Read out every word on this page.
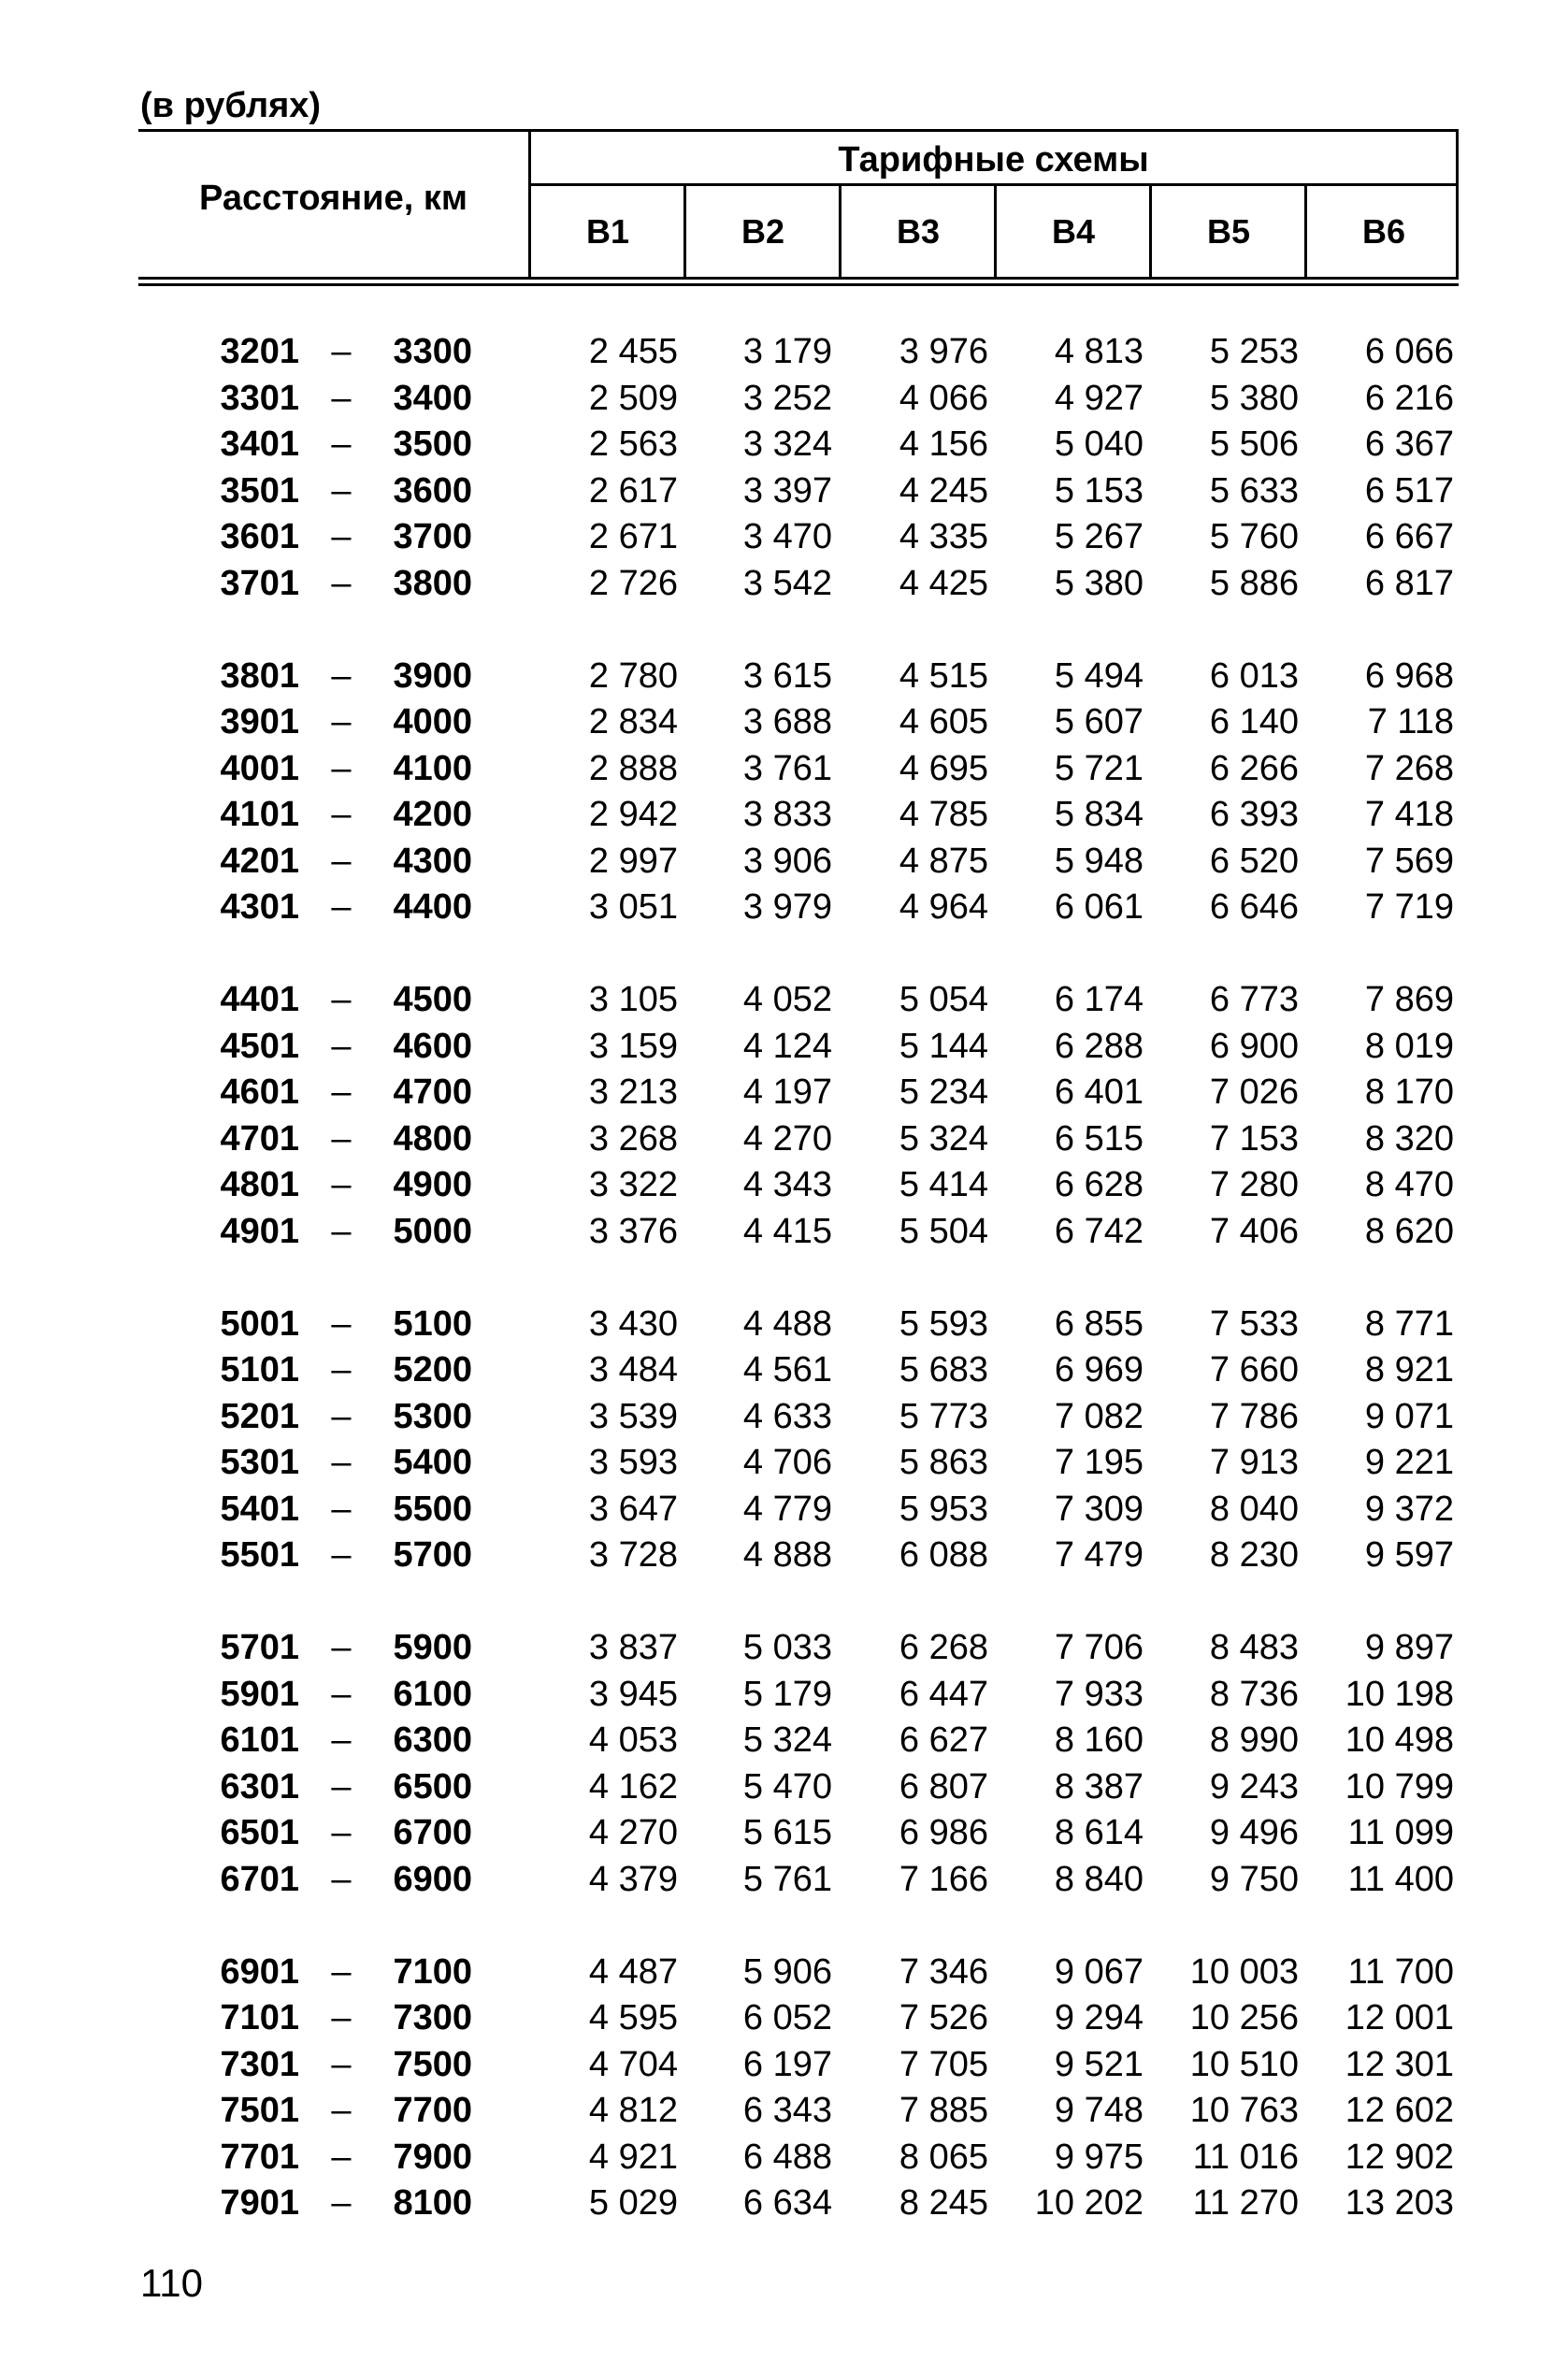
(в рублях)
Расстояние, км
Тарифные схемы
В1	В2	В3	В4	В5	В6
3201 –	3300	2 455	3 179	3 976	4 813	5 253	6 066
3301 –	3400	2 509	3 252	4 066	4 927	5 380	6 216
3401 –	3500	2 563	3 324	4 156	5 040	5 506	6 367
3501 –	3600	2 617	3 397	4 245	5 153	5 633	6 517
3601 –	3700	2 671	3 470	4 335	5 267	5 760	6 667
3701 –	3800	2 726	3 542	4 425	5 380	5 886	6 817
3801 –	3900	2 780	3 615	4 515	5 494	6 013	6 968
3901 –	4000	2 834	3 688	4 605	5 607	6 140	7 118
4001 –	4100	2 888	3 761	4 695	5 721	6 266	7 268
4101 –	4200	2 942	3 833	4 785	5 834	6 393	7 418
4201 –	4300	2 997	3 906	4 875	5 948	6 520	7 569
4301 –	4400	3 051	3 979	4 964	6 061	6 646	7 719
4401 –	4500	3 105	4 052	5 054	6 174	6 773	7 869
4501 –	4600	3 159	4 124	5 144	6 288	6 900	8 019
4601 –	4700	3 213	4 197	5 234	6 401	7 026	8 170
4701 –	4800	3 268	4 270	5 324	6 515	7 153	8 320
4801 –	4900	3 322	4 343	5 414	6 628	7 280	8 470
4901 –	5000	3 376	4 415	5 504	6 742	7 406	8 620
5001 –	5100	3 430	4 488	5 593	6 855	7 533	8 771
5101 –	5200	3 484	4 561	5 683	6 969	7 660	8 921
5201 –	5300	3 539	4 633	5 773	7 082	7 786	9 071
5301 –	5400	3 593	4 706	5 863	7 195	7 913	9 221
5401 –	5500	3 647	4 779	5 953	7 309	8 040	9 372
5501 –	5700	3 728	4 888	6 088	7 479	8 230	9 597
5701 –	5900	3 837	5 033	6 268	7 706	8 483	9 897
5901 –	6100	3 945	5 179	6 447	7 933	8 736	10 198
6101 –	6300	4 053	5 324	6 627	8 160	8 990	10 498
6301 –	6500	4 162	5 470	6 807	8 387	9 243	10 799
6501 –	6700	4 270	5 615	6 986	8 614	9 496	11 099
6701 –	6900	4 379	5 761	7 166	8 840	9 750	11 400
6901 –	7100	4 487	5 906	7 346	9 067	10 003	11 700
7101 –	7300	4 595	6 052	7 526	9 294	10 256	12 001
7301 –	7500	4 704	6 197	7 705	9 521	10 510	12 301
7501 –	7700	4 812	6 343	7 885	9 748	10 763	12 602
7701 –	7900	4 921	6 488	8 065	9 975	11 016	12 902
7901 –	8100	5 029	6 634	8 245	10 202	11 270	13 203
110
